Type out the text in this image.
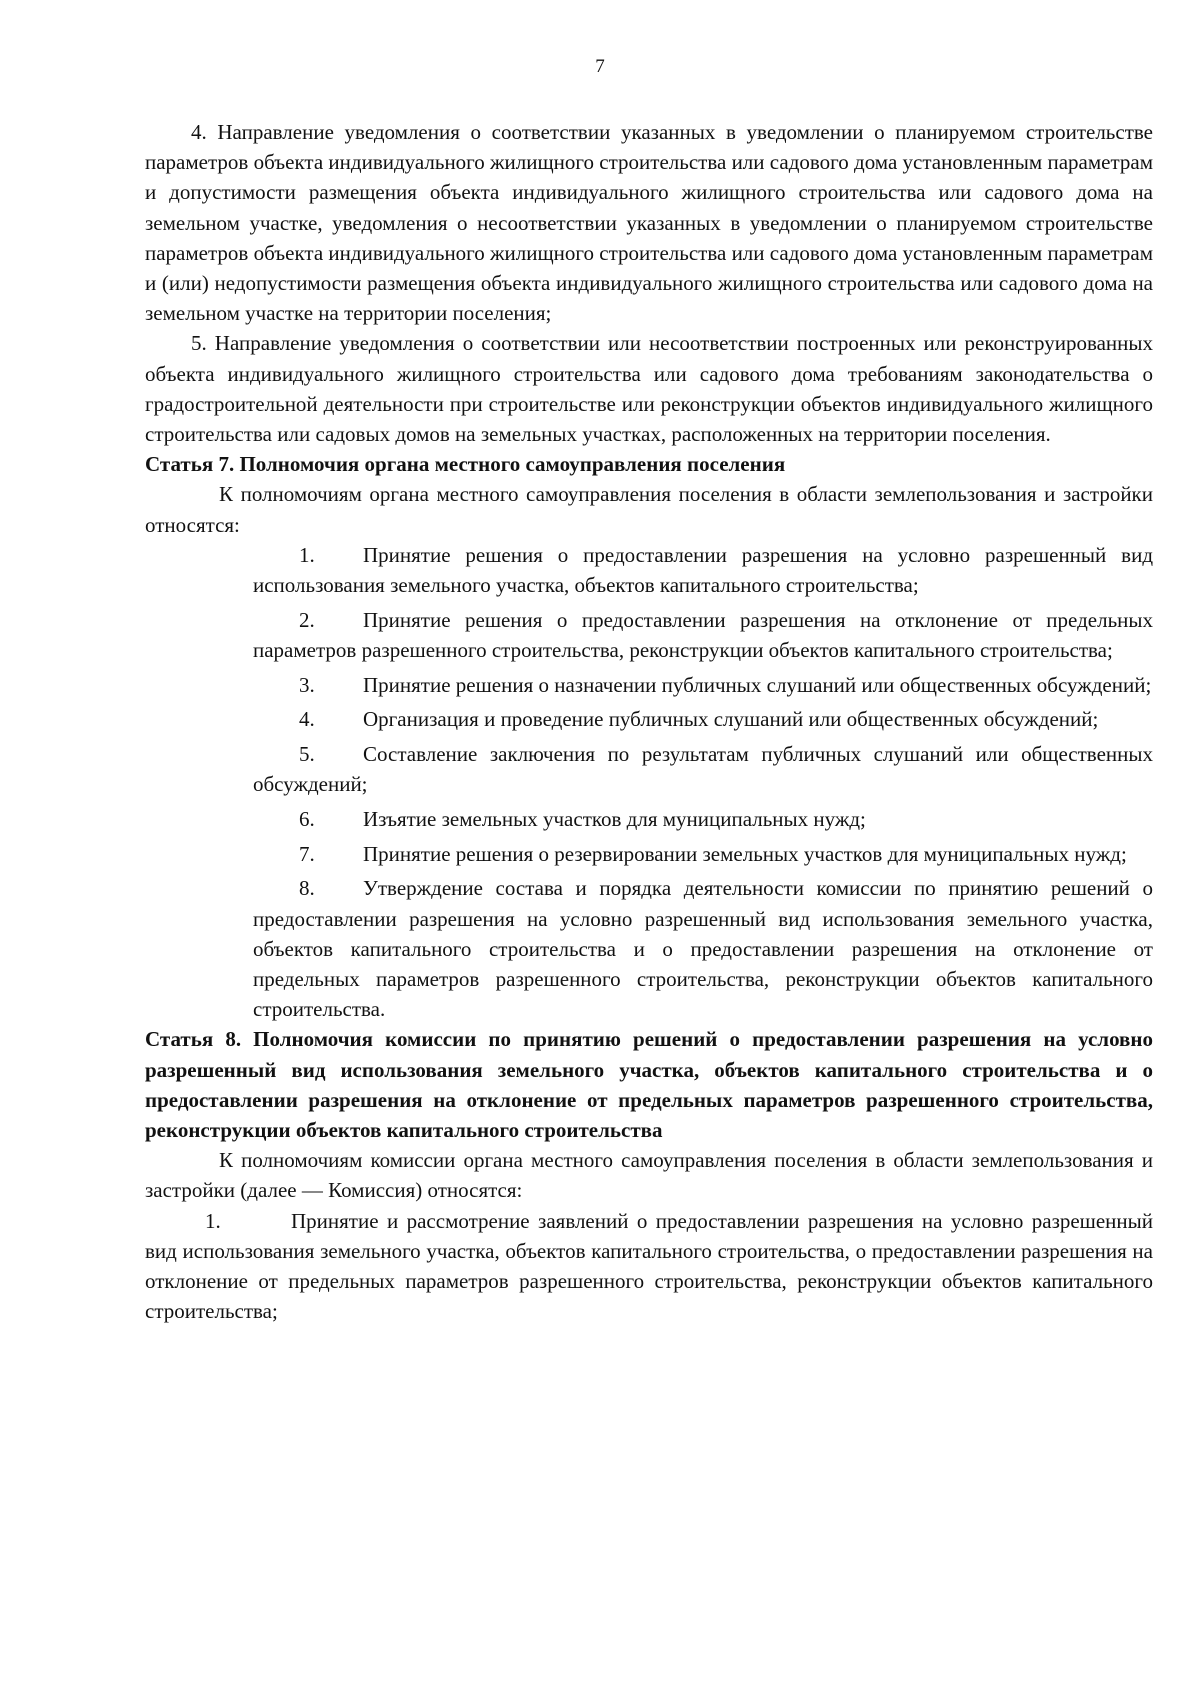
7

4. Направление уведомления о соответствии указанных в уведомлении о планируемом строительстве параметров объекта индивидуального жилищного строительства или садового дома установленным параметрам и допустимости размещения объекта индивидуального жилищного строительства или садового дома на земельном участке, уведомления о несоответствии указанных в уведомлении о планируемом строительстве параметров объекта индивидуального жилищного строительства или садового дома установленным параметрам и (или) недопустимости размещения объекта индивидуального жилищного строительства или садового дома на земельном участке на территории поселения;

5. Направление уведомления о соответствии или несоответствии построенных или реконструированных объекта индивидуального жилищного строительства или садового дома требованиям законодательства о градостроительной деятельности при строительстве или реконструкции объектов индивидуального жилищного строительства или садовых домов на земельных участках, расположенных на территории поселения.

Статья 7. Полномочия органа местного самоуправления поселения

К полномочиям органа местного самоуправления поселения в области землепользования и застройки относятся:

1. Принятие решения о предоставлении разрешения на условно разрешенный вид использования земельного участка, объектов капитального строительства;

2. Принятие решения о предоставлении разрешения на отклонение от предельных параметров разрешенного строительства, реконструкции объектов капитального строительства;

3. Принятие решения о назначении публичных слушаний или общественных обсуждений;

4. Организация и проведение публичных слушаний или общественных обсуждений;

5. Составление заключения по результатам публичных слушаний или общественных обсуждений;

6. Изъятие земельных участков для муниципальных нужд;

7. Принятие решения о резервировании земельных участков для муниципальных нужд;

8. Утверждение состава и порядка деятельности комиссии по принятию решений о предоставлении разрешения на условно разрешенный вид использования земельного участка, объектов капитального строительства и о предоставлении разрешения на отклонение от предельных параметров разрешенного строительства, реконструкции объектов капитального строительства.

Статья 8. Полномочия комиссии по принятию решений о предоставлении разрешения на условно разрешенный вид использования земельного участка, объектов капитального строительства и о предоставлении разрешения на отклонение от предельных параметров разрешенного строительства, реконструкции объектов капитального строительства

К полномочиям комиссии органа местного самоуправления поселения в области землепользования и застройки (далее — Комиссия) относятся:

1.	Принятие и рассмотрение заявлений о предоставлении разрешения на условно разрешенный вид использования земельного участка, объектов капитального строительства, о предоставлении разрешения на отклонение от предельных параметров разрешенного строительства, реконструкции объектов капитального строительства;
